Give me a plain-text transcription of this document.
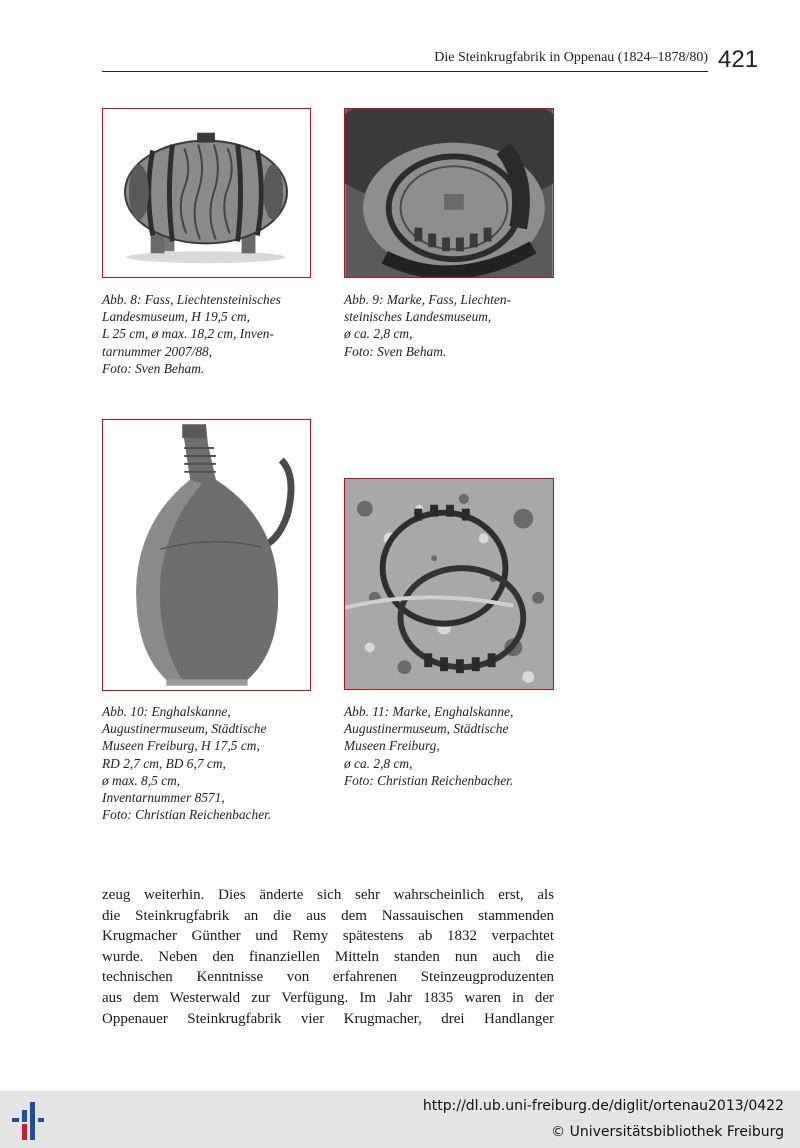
Die Steinkrugfabrik in Oppenau (1824–1878/80) 421
Abb. 8: Fass, Liechtensteinisches
Landesmuseum, H 19,5 cm,
L 25 cm, ø max. 18,2 cm, Inven-
tarnummer 2007/88,
Foto: Sven Beham.
Abb. 9: Marke, Fass, Liechten-
steinisches Landesmuseum,
ø ca. 2,8 cm,
Foto: Sven Beham.
Abb. 10: Enghalskanne,
Augustinermuseum, Städtische
Museen Freiburg, H 17,5 cm,
RD 2,7 cm, BD 6,7 cm,
ø max. 8,5 cm,
Inventarnummer 8571,
Foto: Christian Reichenbacher.
Abb. 11: Marke, Enghalskanne,
Augustinermuseum, Städtische
Museen Freiburg,
ø ca. 2,8 cm,
Foto: Christian Reichenbacher.
zeug weiterhin. Dies änderte sich sehr wahrscheinlich erst, als
die Steinkrugfabrik an die aus dem Nassauischen stammenden
Krugmacher Günther und Remy spätestens ab 1832 verpachtet
wurde. Neben den finanziellen Mitteln standen nun auch die
technischen Kenntnisse von erfahrenen Steinzeugproduzenten
aus dem Westerwald zur Verfügung. Im Jahr 1835 waren in der
Oppenauer Steinkrugfabrik vier Krugmacher, drei Handlanger
http://dl.ub.uni-freiburg.de/diglit/ortenau2013/0422
© Universitätsbibliothek Freiburg
